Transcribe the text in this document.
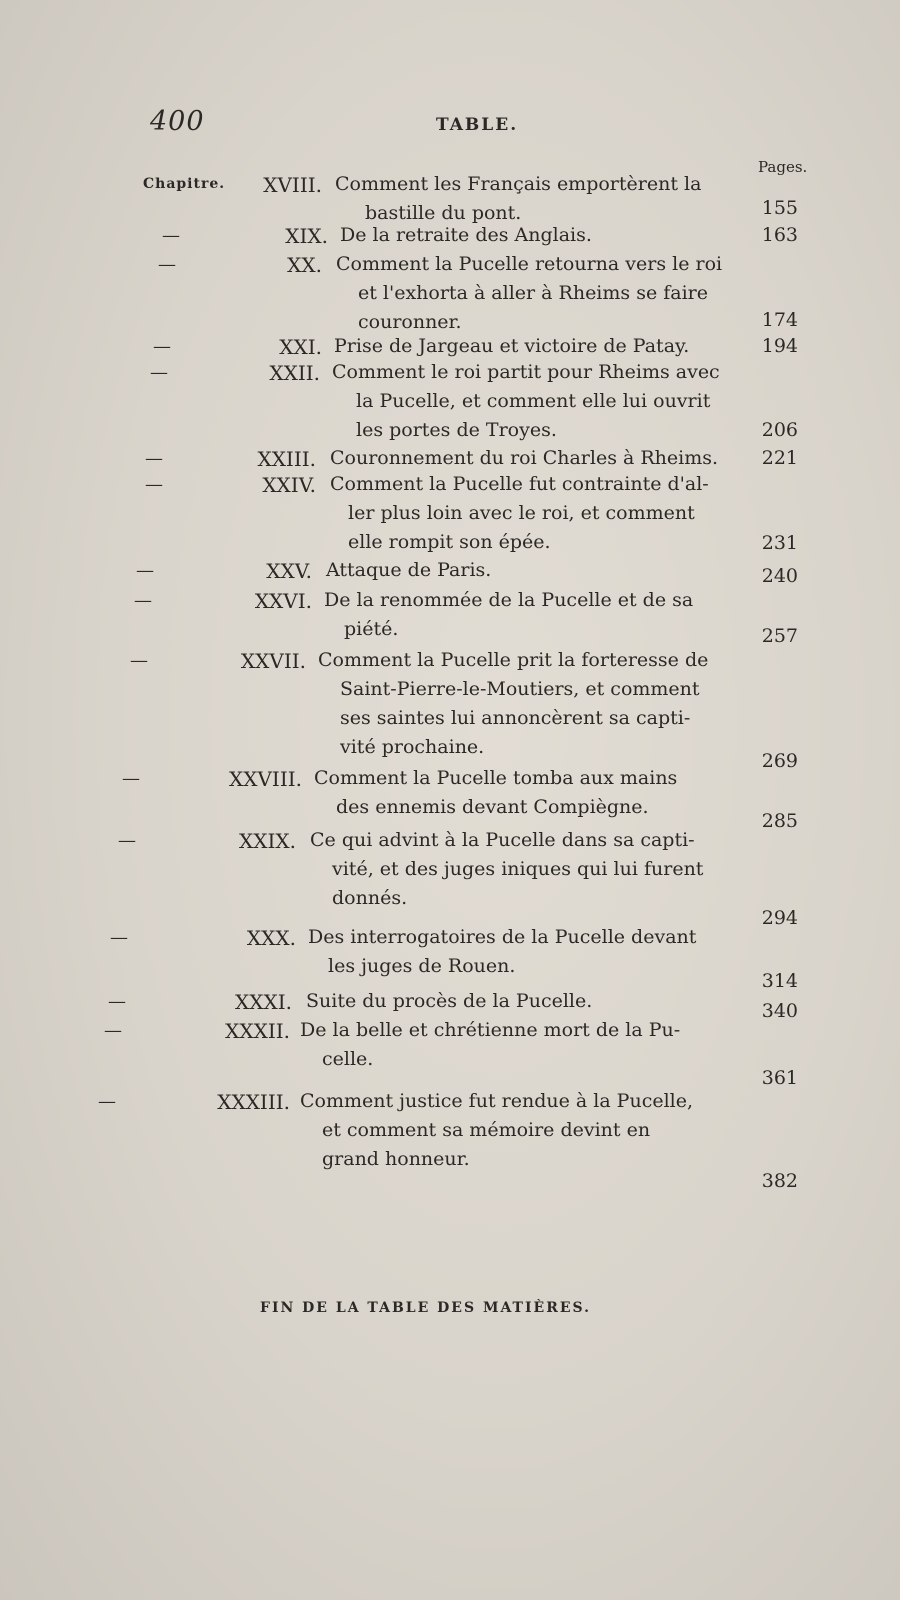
400	TABLE.
Pages.
Chapitre.	XVIII. Comment les Français emportèrent la
bastille du pont.	155
—	XIX. De la retraite des Anglais.	163
—	XX. Comment la Pucelle retourna vers le roi
et l'exhorta à aller à Rheims se faire
couronner.	174
—	XXI. Prise de Jargeau et victoire de Patay.	194
—	XXII. Comment le roi partit pour Rheims avec
la Pucelle, et comment elle lui ouvrit
les portes de Troyes.	206
—	XXIII. Couronnement du roi Charles à Rheims.	221
—	XXIV. Comment la Pucelle fut contrainte d'al-
ler plus loin avec le roi, et comment
elle rompit son épée.	231
—	XXV. Attaque de Paris.	240
—	XXVI. De la renommée de la Pucelle et de sa
piété.	257
—	XXVII. Comment la Pucelle prit la forteresse de
Saint-Pierre-le-Moutiers, et comment
ses saintes lui annoncèrent sa capti-
vité prochaine.
269
—	XXVIII. Comment la Pucelle tomba aux mains
des ennemis devant Compiègne.
285
—	XXIX. Ce qui advint à la Pucelle dans sa capti-
vité, et des juges iniques qui lui furent
donnés.
294
—	XXX. Des interrogatoires de la Pucelle devant
les juges de Rouen.
314
—	XXXI. Suite du procès de la Pucelle.	340
—	XXXII. De la belle et chrétienne mort de la Pu-
celle.
361
—	XXXIII. Comment justice fut rendue à la Pucelle,
et comment sa mémoire devint en
grand honneur.
382
FIN DE LA TABLE DES MATIÈRES.
